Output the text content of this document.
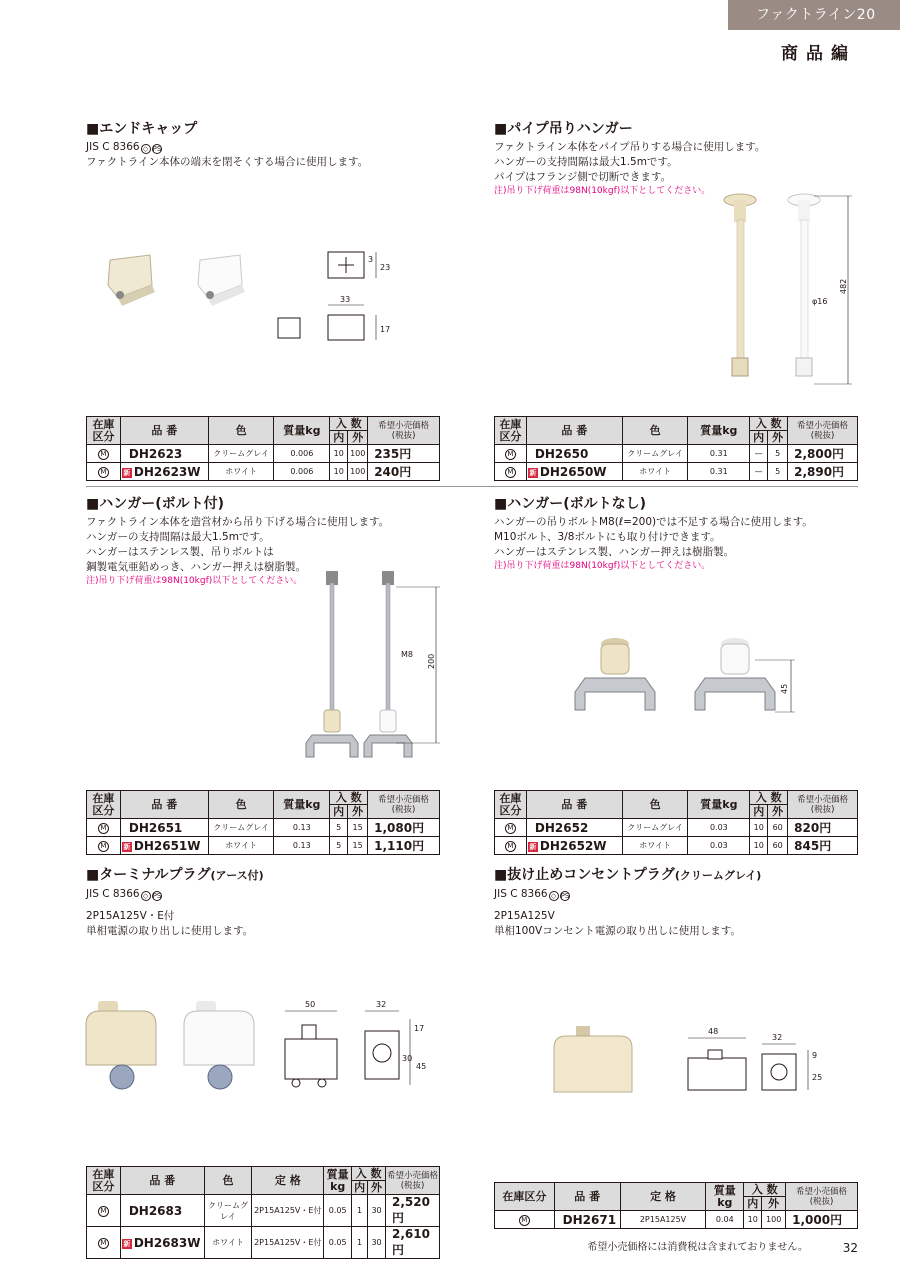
ファクトライン20
商品編
■エンドキャップ

JIS C 8366 ◇ PS

ファクトライン本体の端末を閉そくする場合に使用します。

33
3
23
17
在庫
区分	品 番	色	質量kg	入 数		希望小売価格
(税抜)
				内	外	
M	DH2623	クリームグレイ	0.006	10	100	235円
M	新 DH2623W	ホワイト	0.006	10	100	240円
■パイプ吊りハンガー

ファクトライン本体をパイプ吊りする場合に使用します。

ハンガーの支持間隔は最大1.5mです。

パイプはフランジ側で切断できます。

注)吊り下げ荷重は98N(10kgf)以下としてください。

482
φ16
在庫
区分	品 番	色	質量kg	入 数		希望小売価格
(税抜)
				内	外	
M	DH2650	クリームグレイ	0.31	—	5	2,800円
M	新 DH2650W	ホワイト	0.31	—	5	2,890円
■ハンガー(ボルト付)

ファクトライン本体を造営材から吊り下げる場合に使用します。

ハンガーの支持間隔は最大1.5mです。

ハンガーはステンレス製、吊りボルトは

鋼製電気亜鉛めっき、ハンガー押えは樹脂製。

注)吊り下げ荷重は98N(10kgf)以下としてください。

M8 200
在庫
区分	品 番	色	質量kg	入 数		希望小売価格
(税抜)
				内	外	
M	DH2651	クリームグレイ	0.13	5	15	1,080円
M	新 DH2651W	ホワイト	0.13	5	15	1,110円
■ハンガー(ボルトなし)

ハンガーの吊りボルトM8(ℓ=200)では不足する場合に使用します。

M10ボルト、3/8ボルトにも取り付けできます。

ハンガーはステンレス製、ハンガー押えは樹脂製。

注)吊り下げ荷重は98N(10kgf)以下としてください。

45
在庫
区分	品 番	色	質量kg	入 数		希望小売価格
(税抜)
				内	外	
M	DH2652	クリームグレイ	0.03	10	60	820円
M	新 DH2652W	ホワイト	0.03	10	60	845円
■ターミナルプラグ(アース付)

JIS C 8366 ◇ PS

2P15A125V・E付

単相電源の取り出しに使用します。

50	32
17
30
45
在庫
区分	品 番	色	定 格	質量
kg	入 数		希望小売価格
(税抜)
					内	外	
M	DH2683	クリームグレイ	2P15A125V・E付	0.05	1	30	2,520円
M	新 DH2683W	ホワイト	2P15A125V・E付	0.05	1	30	2,610円
■抜け止めコンセントプラグ(クリームグレイ)

JIS C 8366 ◇ PS

2P15A125V

単相100Vコンセント電源の取り出しに使用します。

48
32
9
25
在庫区分	品 番	定 格	質量
kg	入 数		希望小売価格
(税抜)
				内	外	
M	DH2671	2P15A125V	0.04	10	100	1,000円
希望小売価格には消費税は含まれておりません。	32
